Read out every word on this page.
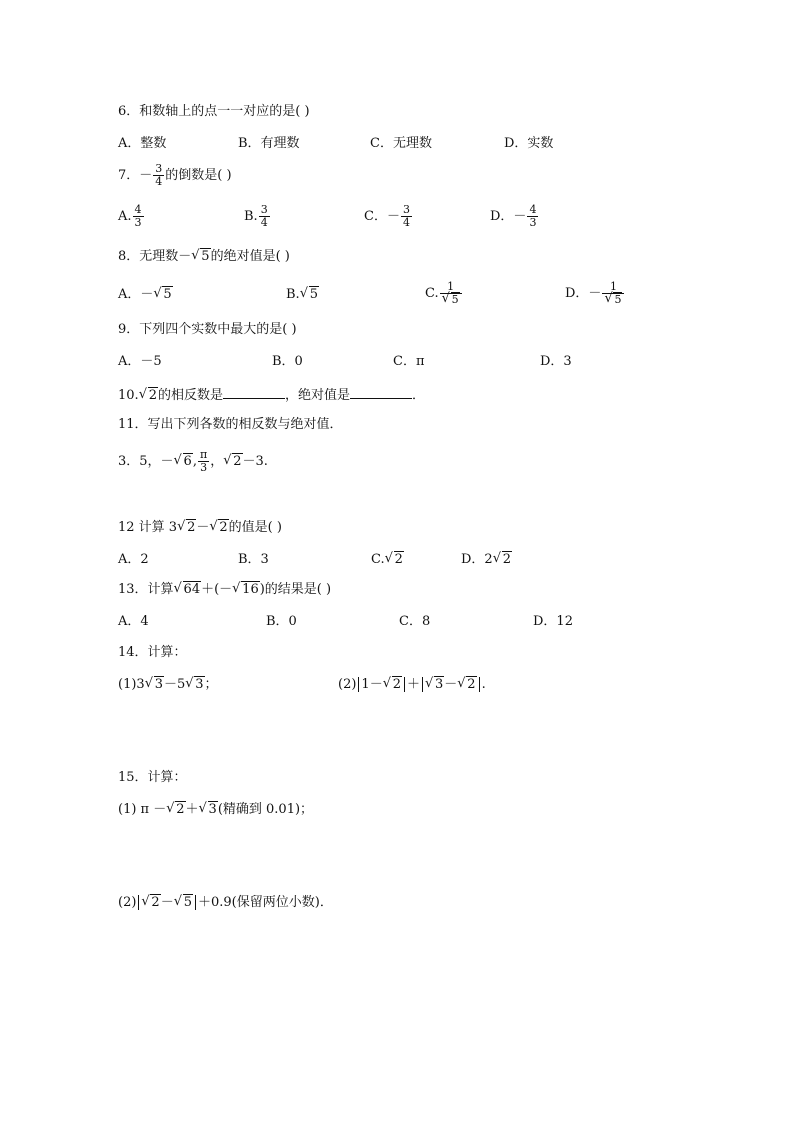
6．和数轴上的点一一对应的是( )
A．整数	B．有理数	C．无理数	D．实数
7．－ $\frac{3}{4}$ 的倒数是( )
A. $\frac{4}{3}$	B. $\frac{3}{4}$	C．－ $\frac{3}{4}$	D．－ $\frac{4}{3}$
8．无理数－ √ 5的绝对值是( )
A．－ √ 5	B. √ 5	C. 1
√ 5	D．－ 1
√ 5
9．下列四个实数中最大的是( )
A．－5	B．0	C．π	D．3
10. √ 2的相反数是	，绝对值是	．
11．写出下列各数的相反数与绝对值．
3．5，－ √ 6, $\frac{\pi}{3}$ ， √ 2－3.
12 计算 3 √ 2－ √ 2的值是( )
A．2	B．3	C. √ 2	D．2 √ 2
13．计算 √ 64＋(－ √ 16)的结果是( )
A．4	B．0	C．8	D．12
14．计算：
(1)3 √ 3－5 √ 3；	(2) 1－ √ 2 ＋ √ 3－ √ 2 .
15．计算：
(1) π － √ 2＋ √ 3(精确到 0.01)；
(2) √ 2－ √ 5 ＋0.9(保留两位小数)．
